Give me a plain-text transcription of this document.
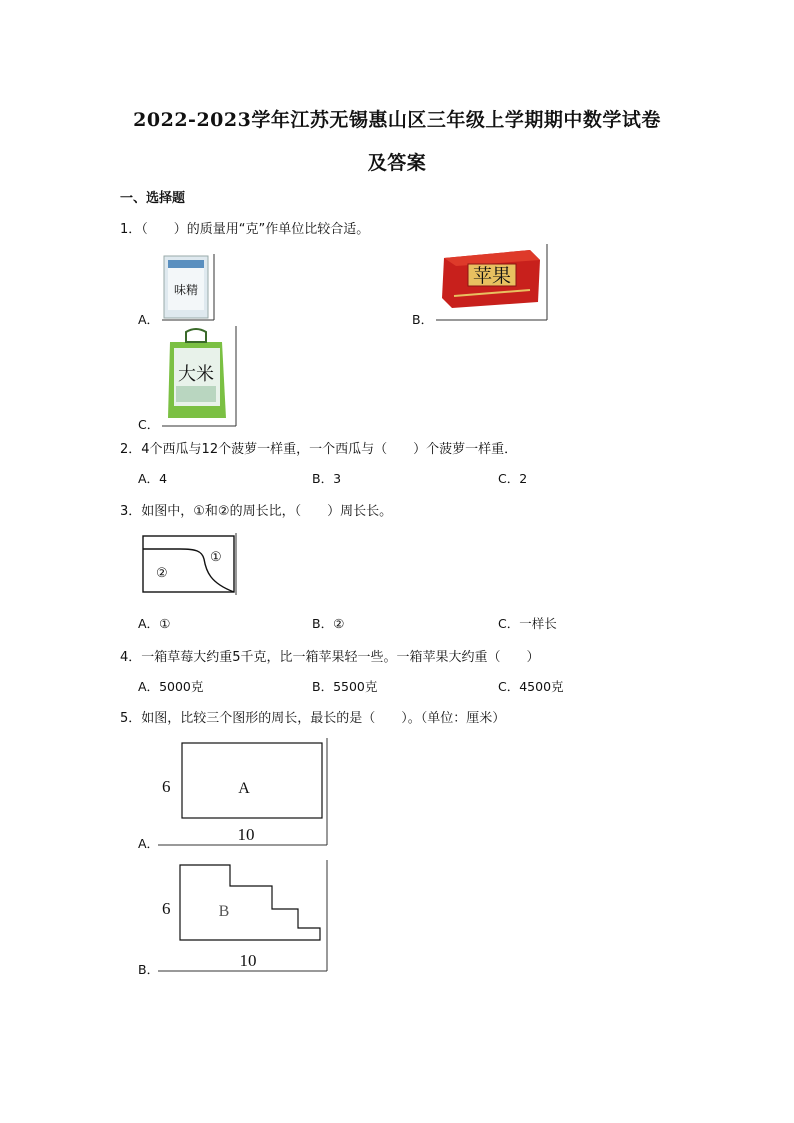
2022-2023学年江苏无锡惠山区三年级上学期期中数学试卷
及答案
一、选择题
1．（　　）的质量用“克”作单位比较合适。
A．
味精
B．
苹果
C．
大米
2．4个西瓜与12个菠萝一样重，一个西瓜与（　　）个菠萝一样重．
A．4	B．3	C．2
3．如图中，①和②的周长比，（　　）周长长。
①
②
A．①	B．②	C．一样长
4．一箱草莓大约重5千克，比一箱苹果轻一些。一箱苹果大约重（　　）
A．5000克	B．5500克	C．4500克
5．如图，比较三个图形的周长，最长的是（　　）。（单位：厘米）
A．
A
6
10
B．
B
6
10
